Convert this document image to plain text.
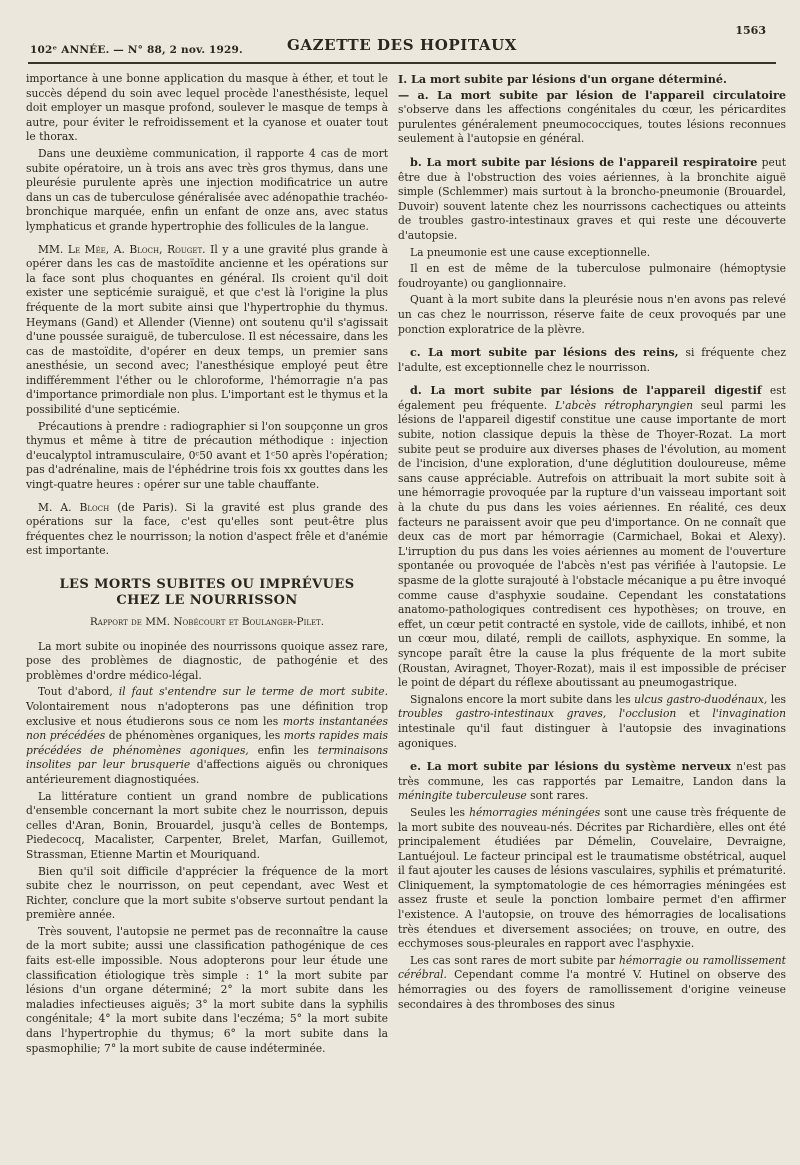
102ᵉ ANNÉE. — N° 88, 2 nov. 1929.	GAZETTE DES HOPITAUX
1563

importance à une bonne application du masque à éther, et tout le succès dépend du soin avec lequel procède l'anesthésiste, lequel doit employer un masque profond, soulever le masque de temps à autre, pour éviter le refroidissement et la cyanose et ouater tout le thorax.

Dans une deuxième communication, il rapporte 4 cas de mort subite opératoire, un à trois ans avec très gros thymus, dans une pleurésie purulente après une injection modificatrice un autre dans un cas de tuberculose généralisée avec adénopathie trachéo-bronchique marquée, enfin un enfant de onze ans, avec status lymphaticus et grande hypertrophie des follicules de la langue.

MM. Le Mée, A. Bloch, Rouget. Il y a une gravité plus grande à opérer dans les cas de mastoïdite ancienne et les opérations sur la face sont plus choquantes en général. Ils croient qu'il doit exister une septicémie suraiguë, et que c'est là l'origine la plus fréquente de la mort subite ainsi que l'hypertrophie du thymus. Heymans (Gand) et Allender (Vienne) ont soutenu qu'il s'agissait d'une poussée suraiguë, de tuberculose. Il est nécessaire, dans les cas de mastoïdite, d'opérer en deux temps, un premier sans anesthésie, un second avec; l'anesthésique employé peut être indifféremment l'éther ou le chloroforme, l'hémorragie n'a pas d'importance primordiale non plus. L'important est le thymus et la possibilité d'une septicémie.

Précautions à prendre : radiographier si l'on soupçonne un gros thymus et même à titre de précaution méthodique : injection d'eucalyptol intramusculaire, 0ᶜ50 avant et 1ᶜ50 après l'opération; pas d'adrénaline, mais de l'éphédrine trois fois xx gouttes dans les vingt-quatre heures : opérer sur une table chauffante.

M. A. Bloch (de Paris). Si la gravité est plus grande des opérations sur la face, c'est qu'elles sont peut-être plus fréquentes chez le nourrisson; la notion d'aspect frêle et d'anémie est importante.

LES MORTS SUBITES OU IMPRÉVUES
CHEZ LE NOURRISSON
Rapport de MM. Nobécourt et Boulanger-Pilet.

La mort subite ou inopinée des nourrissons quoique assez rare, pose des problèmes de diagnostic, de pathogénie et des problèmes d'ordre médico-légal.

Tout d'abord, il faut s'entendre sur le terme de mort subite. Volontairement nous n'adopterons pas une définition trop exclusive et nous étudierons sous ce nom les morts instantanées non précédées de phénomènes organiques, les morts rapides mais précédées de phénomènes agoniques, enfin les terminaisons insolites par leur brusquerie d'affections aiguës ou chroniques antérieurement diagnostiquées.

La littérature contient un grand nombre de publications d'ensemble concernant la mort subite chez le nourrisson, depuis celles d'Aran, Bonin, Brouardel, jusqu'à celles de Bontemps, Piedecocq, Macalister, Carpenter, Brelet, Marfan, Guillemot, Strassman, Etienne Martin et Mouriquand.

Bien qu'il soit difficile d'apprécier la fréquence de la mort subite chez le nourrisson, on peut cependant, avec West et Richter, conclure que la mort subite s'observe surtout pendant la première année.

Très souvent, l'autopsie ne permet pas de reconnaître la cause de la mort subite; aussi une classification pathogénique de ces faits est-elle impossible. Nous adopterons pour leur étude une classification étiologique très simple : 1° la mort subite par lésions d'un organe déterminé; 2° la mort subite dans les maladies infectieuses aiguës; 3° la mort subite dans la syphilis congénitale; 4° la mort subite dans l'eczéma; 5° la mort subite dans l'hypertrophie du thymus; 6° la mort subite dans la spasmophilie; 7° la mort subite de cause indéterminée.

I. La mort subite par lésions d'un organe déterminé.
— a. La mort subite par lésion de l'appareil circulatoire s'observe dans les affections congénitales du cœur, les péricardites purulentes généralement pneumococciques, toutes lésions reconnues seulement à l'autopsie en général.

b. La mort subite par lésions de l'appareil respiratoire peut être due à l'obstruction des voies aériennes, à la bronchite aiguë simple (Schlemmer) mais surtout à la broncho-pneumonie (Brouardel, Duvoir) souvent latente chez les nourrissons cachectiques ou atteints de troubles gastro-intestinaux graves et qui reste une découverte d'autopsie.

La pneumonie est une cause exceptionnelle.

Il en est de même de la tuberculose pulmonaire (hémoptysie foudroyante) ou ganglionnaire.

Quant à la mort subite dans la pleurésie nous n'en avons pas relevé un cas chez le nourrisson, réserve faite de ceux provoqués par une ponction exploratrice de la plèvre.

c. La mort subite par lésions des reins, si fréquente chez l'adulte, est exceptionnelle chez le nourrisson.

d. La mort subite par lésions de l'appareil digestif est également peu fréquente. L'abcès rétropharyngien seul parmi les lésions de l'appareil digestif constitue une cause importante de mort subite, notion classique depuis la thèse de Thoyer-Rozat. La mort subite peut se produire aux diverses phases de l'évolution, au moment de l'incision, d'une exploration, d'une déglutition douloureuse, même sans cause appréciable. Autrefois on attribuait la mort subite soit à une hémorragie provoquée par la rupture d'un vaisseau important soit à la chute du pus dans les voies aériennes. En réalité, ces deux facteurs ne paraissent avoir que peu d'importance. On ne connaît que deux cas de mort par hémorragie (Carmichael, Bokai et Alexy). L'irruption du pus dans les voies aériennes au moment de l'ouverture spontanée ou provoquée de l'abcès n'est pas vérifiée à l'autopsie. Le spasme de la glotte surajouté à l'obstacle mécanique a pu être invoqué comme cause d'asphyxie soudaine. Cependant les constatations anatomo-pathologiques contredisent ces hypothèses; on trouve, en effet, un cœur petit contracté en systole, vide de caillots, inhibé, et non un cœur mou, dilaté, rempli de caillots, asphyxique. En somme, la syncope paraît être la cause la plus fréquente de la mort subite (Roustan, Aviragnet, Thoyer-Rozat), mais il est impossible de préciser le point de départ du réflexe aboutissant au pneumogastrique.

Signalons encore la mort subite dans les ulcus gastro-duodénaux, les troubles gastro-intestinaux graves, l'occlusion et l'invagination intestinale qu'il faut distinguer à l'autopsie des invaginations agoniques.

e. La mort subite par lésions du système nerveux n'est pas très commune, les cas rapportés par Lemaitre, Landon dans la méningite tuberculeuse sont rares.

Seules les hémorragies méningées sont une cause très fréquente de la mort subite des nouveau-nés. Décrites par Richardière, elles ont été principalement étudiées par Démelin, Couvelaire, Devraigne, Lantuéjoul. Le facteur principal est le traumatisme obstétrical, auquel il faut ajouter les causes de lésions vasculaires, syphilis et prématurité. Cliniquement, la symptomatologie de ces hémorragies méningées est assez fruste et seule la ponction lombaire permet d'en affirmer l'existence. A l'autopsie, on trouve des hémorragies de localisations très étendues et diversement associées; on trouve, en outre, des ecchymoses sous-pleurales en rapport avec l'asphyxie.

Les cas sont rares de mort subite par hémorragie ou ramollissement cérébral. Cependant comme l'a montré V. Hutinel on observe des hémorragies ou des foyers de ramollissement d'origine veineuse secondaires à des thromboses des sinus
